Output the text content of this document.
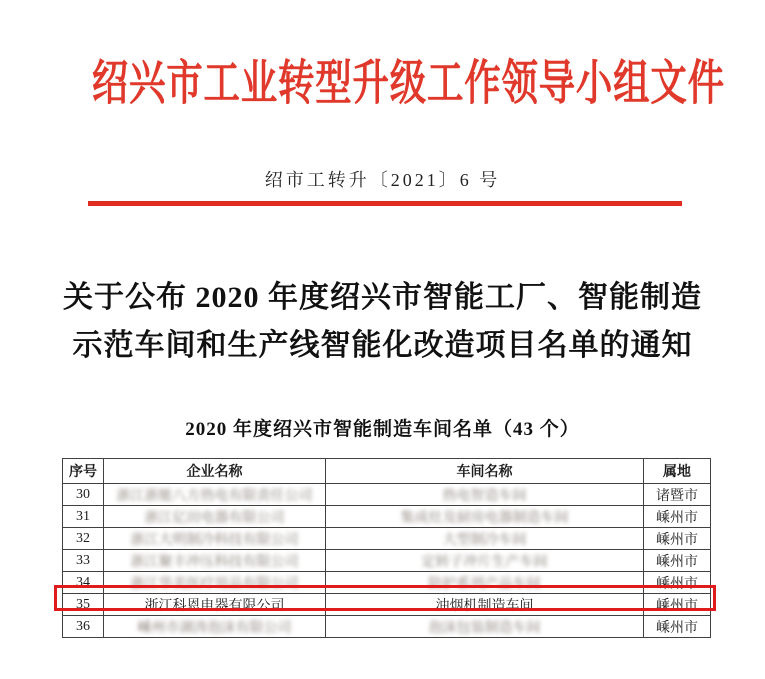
绍兴市工业转型升级工作领导小组文件
绍市工转升〔2021〕6 号
关于公布 2020 年度绍兴市智能工厂、智能制造
示范车间和生产线智能化改造项目名单的通知
2020 年度绍兴市智能制造车间名单（43 个）
序号	企业名称	车间名称	属地
30	浙江浙能八方热电有限责任公司	热电智造车间	诸暨市
31	浙江亿田电器有限公司	集成灶及厨房电器制造车间	嵊州市
32	浙江大明制冷科技有限公司	大型制冷车间	嵊州市
33	浙江聚丰冲压科技有限公司	定转子冲片生产车间	嵊州市
34	浙江华美医疗用品有限公司	防护系列产品车间	嵊州市
35	浙江科恩电器有限公司	油烟机制造车间	嵊州市
36	嵊州市湖涛泡沫有限公司	泡沫包装制造车间	嵊州市
